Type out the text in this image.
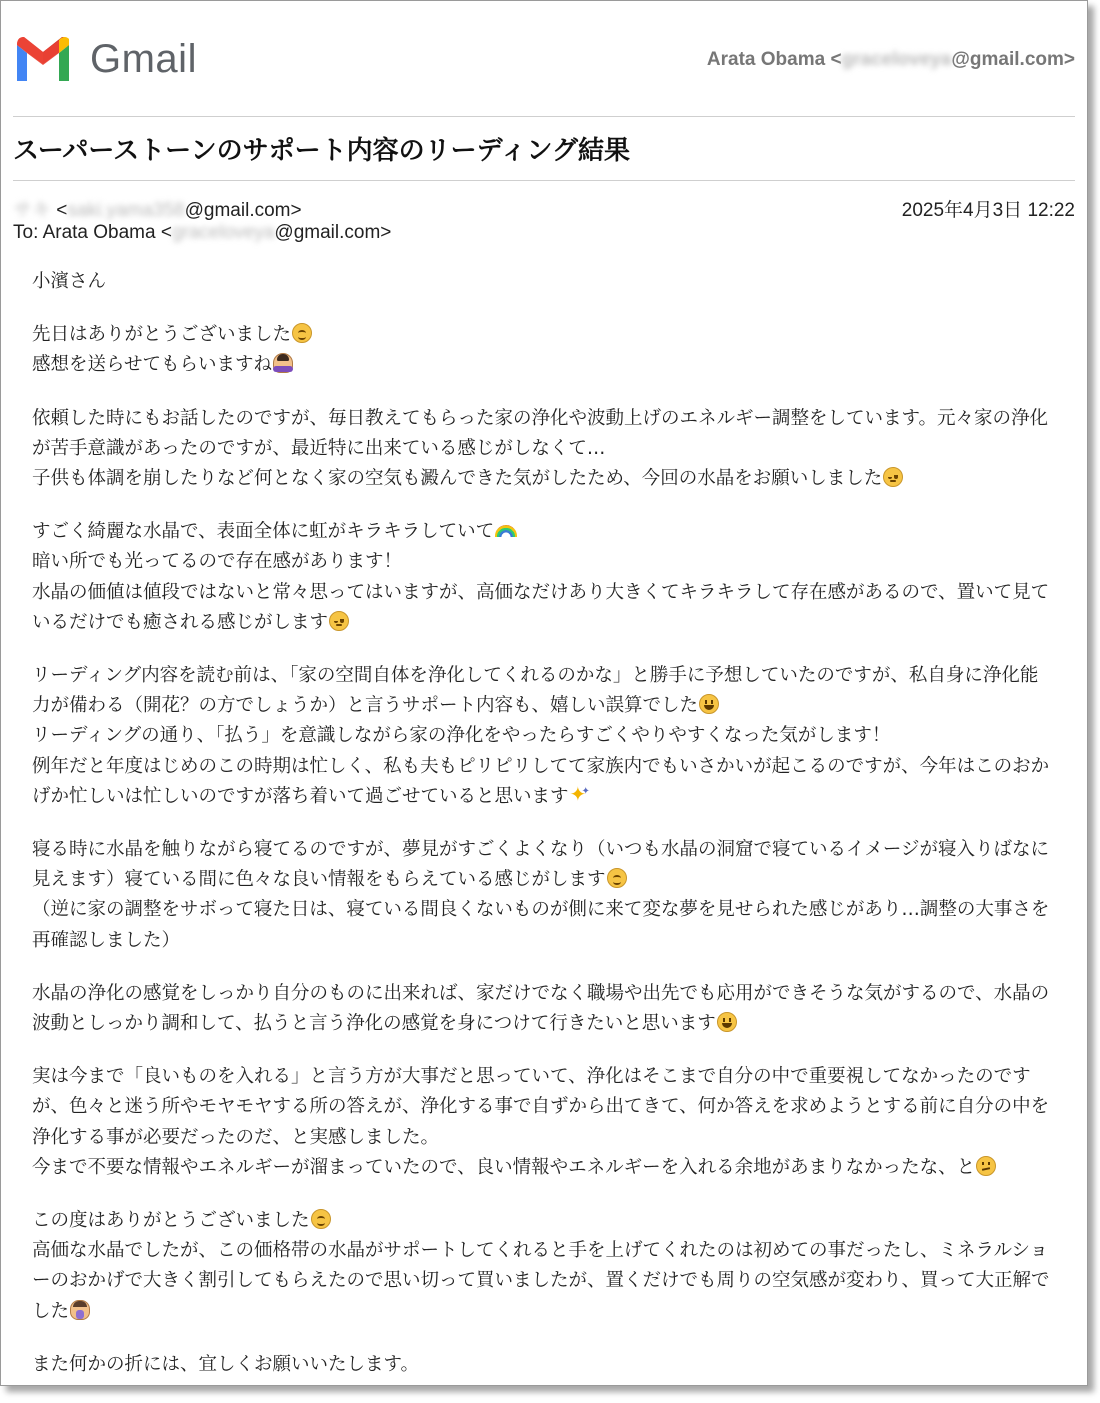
Gmail	Arata Obama <graceloveya@gmail.com>
スーパーストーンのサポート内容のリーディング結果
サキ <saki.yama358@gmail.com>	2025年4月3日 12:22
To: Arata Obama <graceloveya@gmail.com>

小濱さん

先日はありがとうございました
感想を送らせてもらいますね

依頼した時にもお話したのですが、毎日教えてもらった家の浄化や波動上げのエネルギー調整をしています。元々家の浄化が苦手意識があったのですが、最近特に出来ている感じがしなくて…
子供も体調を崩したりなど何となく家の空気も澱んできた気がしたため、今回の水晶をお願いしました

すごく綺麗な水晶で、表面全体に虹がキラキラしていて
暗い所でも光ってるので存在感があります！
水晶の価値は値段ではないと常々思ってはいますが、高価なだけあり大きくてキラキラして存在感があるので、置いて見ているだけでも癒される感じがします

リーディング内容を読む前は、「家の空間自体を浄化してくれるのかな」と勝手に予想していたのですが、私自身に浄化能力が備わる（開花？の方でしょうか）と言うサポート内容も、嬉しい誤算でした
リーディングの通り、「払う」を意識しながら家の浄化をやったらすごくやりやすくなった気がします！
例年だと年度はじめのこの時期は忙しく、私も夫もピリピリしてて家族内でもいさかいが起こるのですが、今年はこのおかげか忙しいは忙しいのですが落ち着いて過ごせていると思います✦ ✦

寝る時に水晶を触りながら寝てるのですが、夢見がすごくよくなり（いつも水晶の洞窟で寝ているイメージが寝入りばなに見えます）寝ている間に色々な良い情報をもらえている感じがします
（逆に家の調整をサボって寝た日は、寝ている間良くないものが側に来て変な夢を見せられた感じがあり…調整の大事さを再確認しました）

水晶の浄化の感覚をしっかり自分のものに出来れば、家だけでなく職場や出先でも応用ができそうな気がするので、水晶の波動としっかり調和して、払うと言う浄化の感覚を身につけて行きたいと思います

実は今まで「良いものを入れる」と言う方が大事だと思っていて、浄化はそこまで自分の中で重要視してなかったのですが、色々と迷う所やモヤモヤする所の答えが、浄化する事で自ずから出てきて、何か答えを求めようとする前に自分の中を浄化する事が必要だったのだ、と実感しました。
今まで不要な情報やエネルギーが溜まっていたので、良い情報やエネルギーを入れる余地があまりなかったな、と

この度はありがとうございました
高価な水晶でしたが、この価格帯の水晶がサポートしてくれると手を上げてくれたのは初めての事だったし、ミネラルショーのおかげで大きく割引してもらえたので思い切って買いましたが、置くだけでも周りの空気感が変わり、買って大正解でした

また何かの折には、宜しくお願いいたします。
